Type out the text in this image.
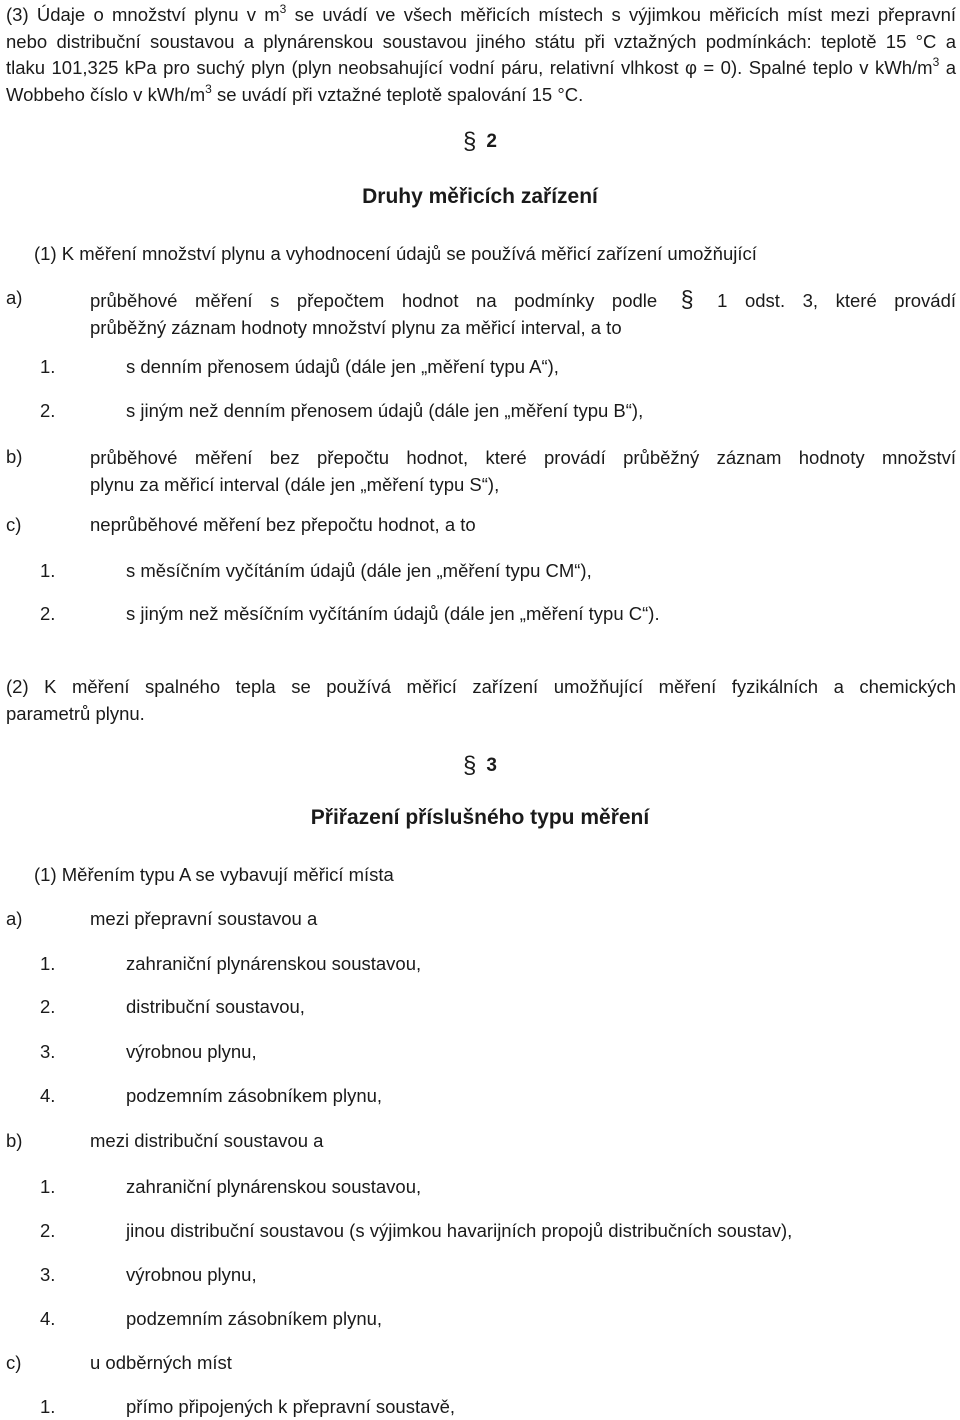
(3) Údaje o množství plynu v $m^3$ se uvádí ve všech měřicích místech s výjimkou měřicích míst mezi přepravní
nebo distribuční soustavou a plynárenskou soustavou jiného státu při vztažných podmínkách: teplotě 15 °C a
tlaku 101,325 kPa pro suchý plyn (plyn neobsahující vodní páru, relativní vlhkost φ = 0). Spalné teplo v kWh/$m^3$ a
Wobbeho číslo v kWh/$m^3$ se uvádí při vztažné teplotě spalování 15 °C.
§ 2
Druhy měřicích zařízení
(1) K měření množství plynu a vyhodnocení údajů se používá měřicí zařízení umožňující
a)	průběhové měření s přepočtem hodnot na podmínky podle § 1 odst. 3, které provádí
průběžný záznam hodnoty množství plynu za měřicí interval, a to
1.	s denním přenosem údajů (dále jen „měření typu A“),
2.	s jiným než denním přenosem údajů (dále jen „měření typu B“),
b)	průběhové měření bez přepočtu hodnot, které provádí průběžný záznam hodnoty množství
plynu za měřicí interval (dále jen „měření typu S“),
c)	neprůběhové měření bez přepočtu hodnot, a to
1.	s měsíčním vyčítáním údajů (dále jen „měření typu CM“),
2.	s jiným než měsíčním vyčítáním údajů (dále jen „měření typu C“).
(2) K měření spalného tepla se používá měřicí zařízení umožňující měření fyzikálních a chemických
parametrů plynu.
§ 3
Přiřazení příslušného typu měření
(1) Měřením typu A se vybavují měřicí místa
a)	mezi přepravní soustavou a
1.	zahraniční plynárenskou soustavou,
2.	distribuční soustavou,
3.	výrobnou plynu,
4.	podzemním zásobníkem plynu,
b)	mezi distribuční soustavou a
1.	zahraniční plynárenskou soustavou,
2.	jinou distribuční soustavou (s výjimkou havarijních propojů distribučních soustav),
3.	výrobnou plynu,
4.	podzemním zásobníkem plynu,
c)	u odběrných míst
1.	přímo připojených k přepravní soustavě,
